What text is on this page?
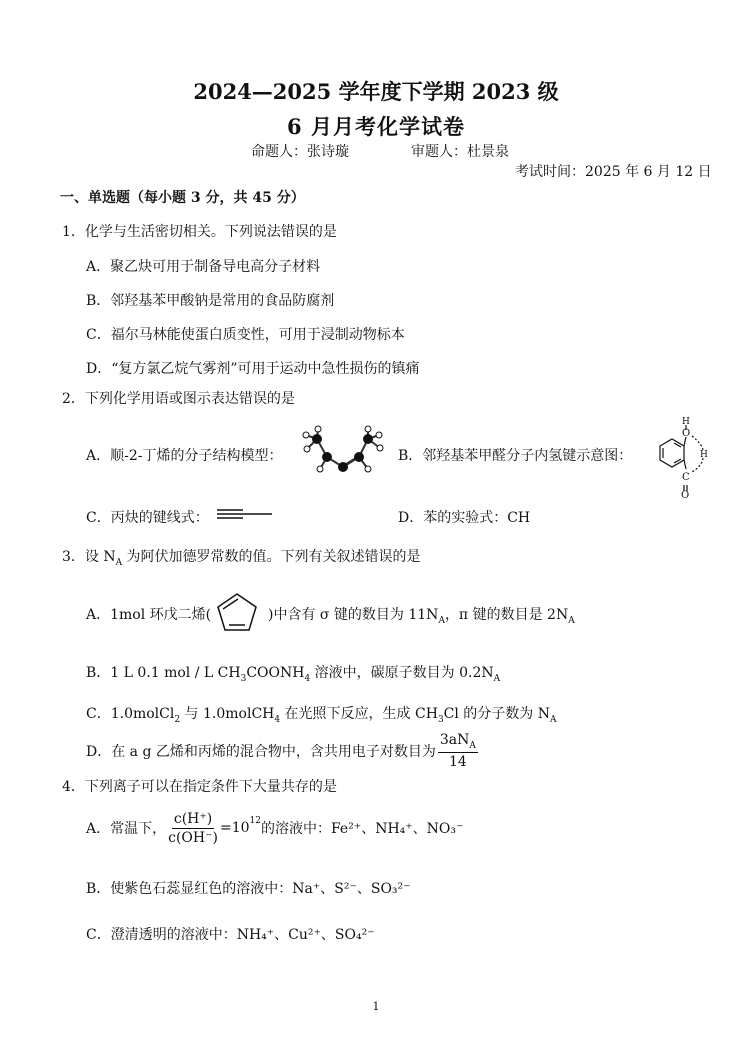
2024—2025 学年度下学期 2023 级
6 月月考化学试卷
命题人：张诗璇	审题人：杜景泉
考试时间：2025 年 6 月 12 日
一、单选题（每小题 3 分，共 45 分）
1．化学与生活密切相关。下列说法错误的是
A．聚乙炔可用于制备导电高分子材料
B．邻羟基苯甲酸钠是常用的食品防腐剂
C．福尔马林能使蛋白质变性，可用于浸制动物标本
D．“复方氯乙烷气雾剂”可用于运动中急性损伤的镇痛
2．下列化学用语或图示表达错误的是
A．顺-2-丁烯的分子结构模型：	B．邻羟基苯甲醛分子内氢键示意图：
H
O
H
C
O
C．丙炔的键线式：	D．苯的实验式：CH
3．设 $N_A$ 为阿伏加德罗常数的值。下列有关叙述错误的是
A．1mol 环戊二烯(	)中含有 σ 键的数目为 $11N_A$，π 键的数目是 $2N_A$
B．1 L 0.1 mol / L $CH_3COONH_4$ 溶液中，碳原子数目为 $0.2N_A$
C．1.0molCl$_2$ 与 1.0molCH$_4$ 在光照下反应，生成 $CH_3Cl$ 的分子数为 $N_A$
D．在 a g 乙烯和丙烯的混合物中，含共用电子对数目为 $\frac{3aN_A}{14}$
4．下列离子可以在指定条件下大量共存的是
A．常温下， $\frac{c(H^+)}{c(OH^-)} =10^{12}$ 的溶液中：Fe²⁺、NH₄⁺、NO₃⁻
B．使紫色石蕊显红色的溶液中：Na⁺、S²⁻、SO₃²⁻
C．澄清透明的溶液中：NH₄⁺、Cu²⁺、SO₄²⁻
1
